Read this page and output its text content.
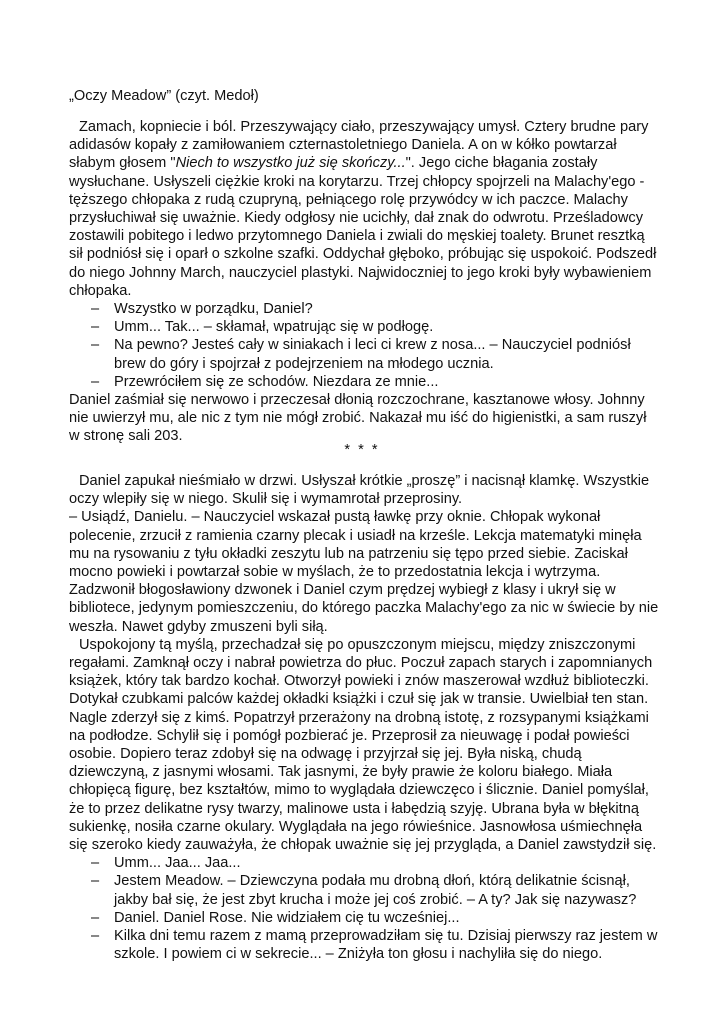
„Oczy Meadow” (czyt. Medoł)

Zamach, kopniecie i ból. Przeszywający ciało, przeszywający umysł. Cztery brudne pary adidasów kopały z zamiłowaniem czternastoletniego Daniela. A on w kółko powtarzał słabym głosem "Niech to wszystko już się skończy...". Jego ciche błagania zostały wysłuchane. Usłyszeli ciężkie kroki na korytarzu. Trzej chłopcy spojrzeli na Malachy'ego - tęższego chłopaka z rudą czupryną, pełniącego rolę przywódcy w ich paczce. Malachy przysłuchiwał się uważnie. Kiedy odgłosy nie ucichły, dał znak do odwrotu. Prześladowcy zostawili pobitego i ledwo przytomnego Daniela i zwiali do męskiej toalety. Brunet resztką sił podniósł się i oparł o szkolne szafki. Oddychał głęboko, próbując się uspokoić. Podszedł do niego Johnny March, nauczyciel plastyki. Najwidoczniej to jego kroki były wybawieniem chłopaka.

– Wszystko w porządku, Daniel?
– Umm... Tak... – skłamał, wpatrując się w podłogę.
– Na pewno? Jesteś cały w siniakach i leci ci krew z nosa... – Nauczyciel podniósł brew do góry i spojrzał z podejrzeniem na młodego ucznia.
– Przewróciłem się ze schodów. Niezdara ze mnie...

Daniel zaśmiał się nerwowo i przeczesał dłonią rozczochrane, kasztanowe włosy. Johnny nie uwierzył mu, ale nic z tym nie mógł zrobić. Nakazał mu iść do higienistki, a sam ruszył w stronę sali 203.

* * *

Daniel zapukał nieśmiało w drzwi. Usłyszał krótkie „proszę” i nacisnął klamkę. Wszystkie oczy wlepiły się w niego. Skulił się i wymamrotał przeprosiny.

– Usiądź, Danielu. – Nauczyciel wskazał pustą ławkę przy oknie. Chłopak wykonał polecenie, zrzucił z ramienia czarny plecak i usiadł na krześle. Lekcja matematyki minęła mu na rysowaniu z tyłu okładki zeszytu lub na patrzeniu się tępo przed siebie. Zaciskał mocno powieki i powtarzał sobie w myślach, że to przedostatnia lekcja i wytrzyma. Zadzwonił błogosławiony dzwonek i Daniel czym prędzej wybiegł z klasy i ukrył się w bibliotece, jedynym pomieszczeniu, do którego paczka Malachy'ego za nic w świecie by nie weszła. Nawet gdyby zmuszeni byli siłą.

Uspokojony tą myślą, przechadzał się po opuszczonym miejscu, między zniszczonymi regałami. Zamknął oczy i nabrał powietrza do płuc. Poczuł zapach starych i zapomnianych książek, który tak bardzo kochał. Otworzył powieki i znów maszerował wzdłuż biblioteczki. Dotykał czubkami palców każdej okładki książki i czuł się jak w transie. Uwielbiał ten stan. Nagle zderzył się z kimś. Popatrzył przerażony na drobną istotę, z rozsypanymi książkami na podłodze. Schylił się i pomógł pozbierać je. Przeprosił za nieuwagę i podał powieści osobie. Dopiero teraz zdobył się na odwagę i przyjrzał się jej. Była niską, chudą dziewczyną, z jasnymi włosami. Tak jasnymi, że były prawie że koloru białego. Miała chłopięcą figurę, bez kształtów, mimo to wyglądała dziewczęco i ślicznie. Daniel pomyślał, że to przez delikatne rysy twarzy, malinowe usta i łabędzią szyję. Ubrana była w błękitną sukienkę, nosiła czarne okulary. Wyglądała na jego rówieśnice. Jasnowłosa uśmiechnęła się szeroko kiedy zauważyła, że chłopak uważnie się jej przygląda, a Daniel zawstydził się.

– Umm... Jaa... Jaa...
– Jestem Meadow. – Dziewczyna podała mu drobną dłoń, którą delikatnie ścisnął, jakby bał się, że jest zbyt krucha i może jej coś zrobić. – A ty? Jak się nazywasz?
– Daniel. Daniel Rose. Nie widziałem cię tu wcześniej...
– Kilka dni temu razem z mamą przeprowadziłam się tu. Dzisiaj pierwszy raz jestem w szkole. I powiem ci w sekrecie... – Zniżyła ton głosu i nachyliła się do niego.
